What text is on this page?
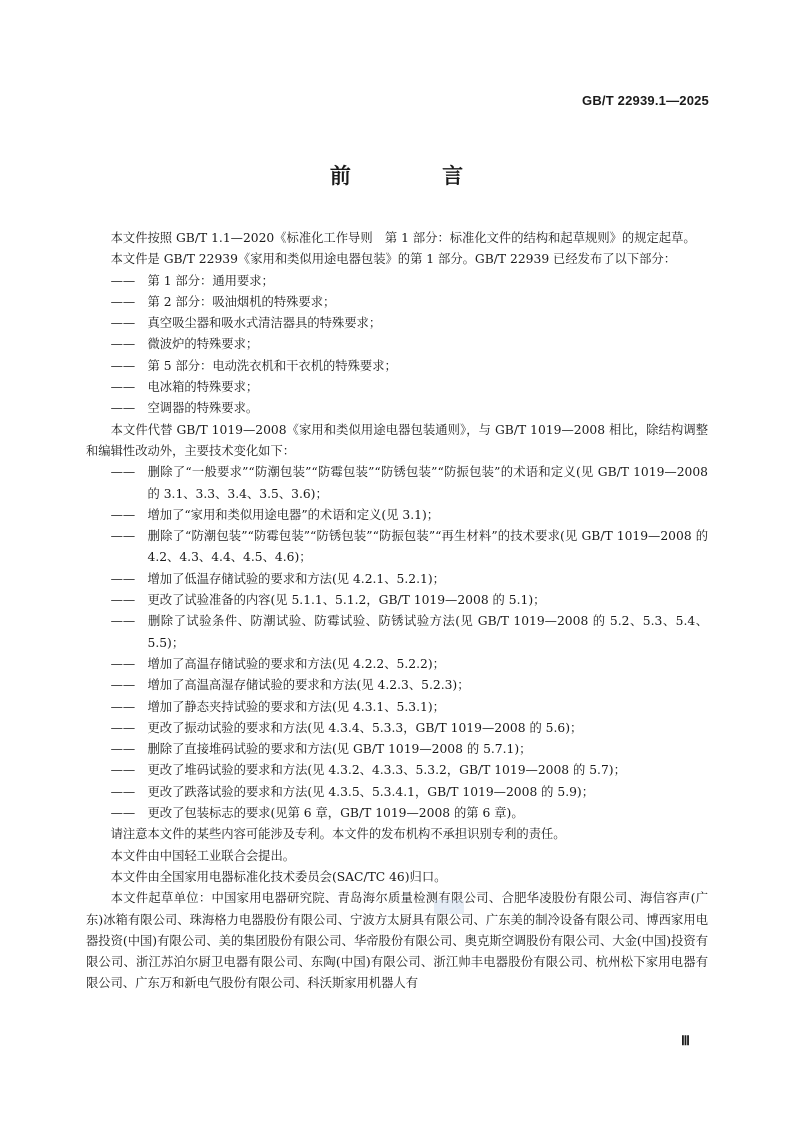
GB/T 22939.1—2025
前 言

本文件按照 GB/T 1.1—2020《标准化工作导则　第 1 部分：标准化文件的结构和起草规则》的规定起草。

本文件是 GB/T 22939《家用和类似用途电器包装》的第 1 部分。GB/T 22939 已经发布了以下部分：

—— 第 1 部分：通用要求；

—— 第 2 部分：吸油烟机的特殊要求；

—— 真空吸尘器和吸水式清洁器具的特殊要求；

—— 微波炉的特殊要求；

—— 第 5 部分：电动洗衣机和干衣机的特殊要求；

—— 电冰箱的特殊要求；

—— 空调器的特殊要求。

本文件代替 GB/T 1019—2008《家用和类似用途电器包装通则》，与 GB/T 1019—2008 相比，除结构调整和编辑性改动外，主要技术变化如下：

—— 删除了“一般要求”“防潮包装”“防霉包装”“防锈包装”“防振包装”的术语和定义(见 GB/T 1019—2008 的 3.1、3.3、3.4、3.5、3.6)；

—— 增加了“家用和类似用途电器”的术语和定义(见 3.1)；

—— 删除了“防潮包装”“防霉包装”“防锈包装”“防振包装”“再生材料”的技术要求(见 GB/T 1019—2008 的 4.2、4.3、4.4、4.5、4.6)；

—— 增加了低温存储试验的要求和方法(见 4.2.1、5.2.1)；

—— 更改了试验准备的内容(见 5.1.1、5.1.2，GB/T 1019—2008 的 5.1)；

—— 删除了试验条件、防潮试验、防霉试验、防锈试验方法(见 GB/T 1019—2008 的 5.2、5.3、5.4、5.5)；

—— 增加了高温存储试验的要求和方法(见 4.2.2、5.2.2)；

—— 增加了高温高湿存储试验的要求和方法(见 4.2.3、5.2.3)；

—— 增加了静态夹持试验的要求和方法(见 4.3.1、5.3.1)；

—— 更改了振动试验的要求和方法(见 4.3.4、5.3.3，GB/T 1019—2008 的 5.6)；

—— 删除了直接堆码试验的要求和方法(见 GB/T 1019—2008 的 5.7.1)；

—— 更改了堆码试验的要求和方法(见 4.3.2、4.3.3、5.3.2，GB/T 1019—2008 的 5.7)；

—— 更改了跌落试验的要求和方法(见 4.3.5、5.3.4.1，GB/T 1019—2008 的 5.9)；

—— 更改了包装标志的要求(见第 6 章，GB/T 1019—2008 的第 6 章)。

请注意本文件的某些内容可能涉及专利。本文件的发布机构不承担识别专利的责任。

本文件由中国轻工业联合会提出。

本文件由全国家用电器标准化技术委员会(SAC/TC 46)归口。

本文件起草单位：中国家用电器研究院、青岛海尔质量检测有限公司、合肥华凌股份有限公司、海信容声(广东)冰箱有限公司、珠海格力电器股份有限公司、宁波方太厨具有限公司、广东美的制冷设备有限公司、博西家用电器投资(中国)有限公司、美的集团股份有限公司、华帝股份有限公司、奥克斯空调股份有限公司、大金(中国)投资有限公司、浙江苏泊尔厨卫电器有限公司、东陶(中国)有限公司、浙江帅丰电器股份有限公司、杭州松下家用电器有限公司、广东万和新电气股份有限公司、科沃斯家用机器人有

Ⅲ
